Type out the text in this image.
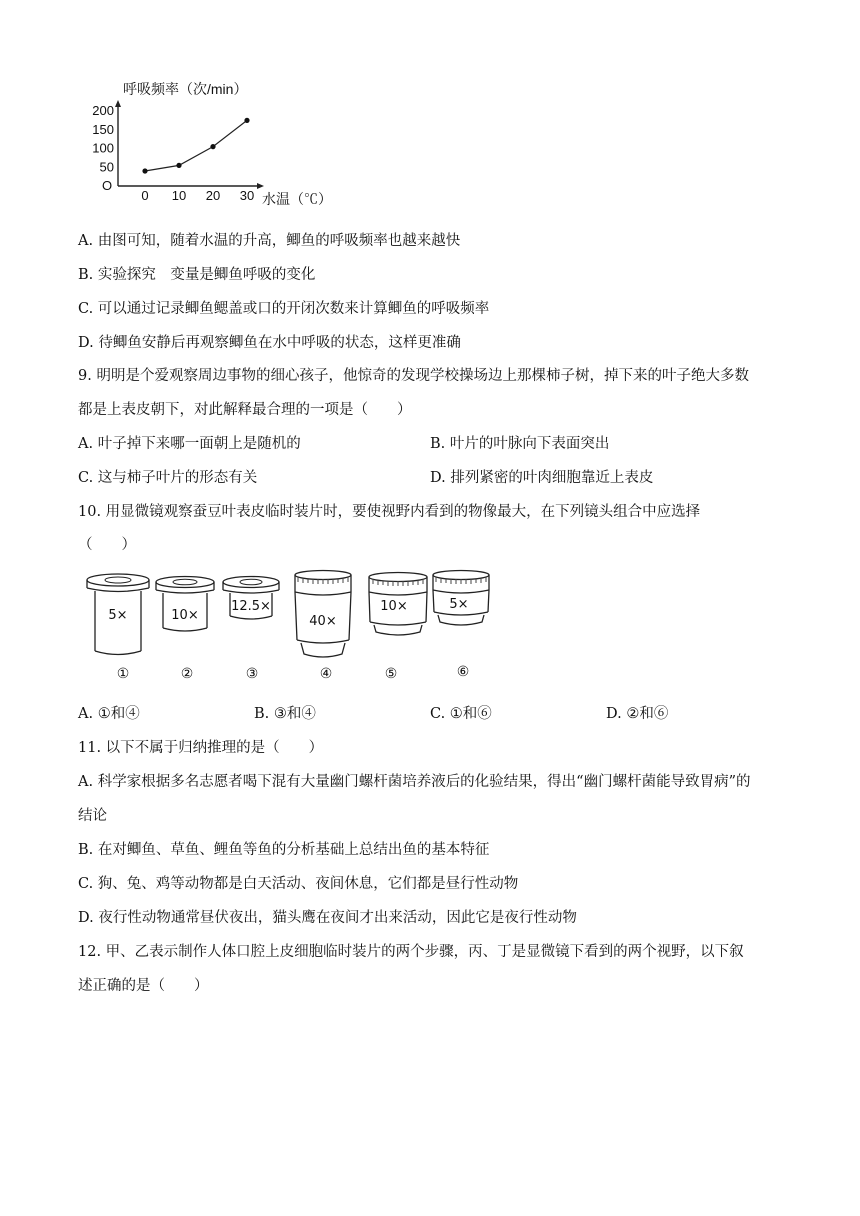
呼吸频率（次/min）
O
200
150
100
50
0 10 20 30 水温（℃）
A. 由图可知，随着水温的升高，鲫鱼的呼吸频率也越来越快
B. 实验探究　变量是鲫鱼呼吸的变化
C. 可以通过记录鲫鱼鳃盖或口的开闭次数来计算鲫鱼的呼吸频率
D. 待鲫鱼安静后再观察鲫鱼在水中呼吸的状态，这样更准确
9. 明明是个爱观察周边事物的细心孩子，他惊奇的发现学校操场边上那棵柿子树，掉下来的叶子绝大多数
都是上表皮朝下，对此解释最合理的一项是（　　）
A. 叶子掉下来哪一面朝上是随机的	B. 叶片的叶脉向下表面突出
C. 这与柿子叶片的形态有关	D. 排列紧密的叶肉细胞靠近上表皮
10. 用显微镜观察蚕豆叶表皮临时装片时，要使视野内看到的物像最大，在下列镜头组合中应选择
（　　）
5×
①
10×
②
12.5×
③
40×
④
10×
⑤
5×
⑥
A. ①和④	B. ③和④	C. ①和⑥	D. ②和⑥
11. 以下不属于归纳推理的是（　　）
A. 科学家根据多名志愿者喝下混有大量幽门螺杆菌培养液后的化验结果，得出“幽门螺杆菌能导致胃病”的
结论
B. 在对鲫鱼、草鱼、鲤鱼等鱼的分析基础上总结出鱼的基本特征
C. 狗、兔、鸡等动物都是白天活动、夜间休息，它们都是昼行性动物
D. 夜行性动物通常昼伏夜出，猫头鹰在夜间才出来活动，因此它是夜行性动物
12. 甲、乙表示制作人体口腔上皮细胞临时装片的两个步骤，丙、丁是显微镜下看到的两个视野，以下叙
述正确的是（　　）
